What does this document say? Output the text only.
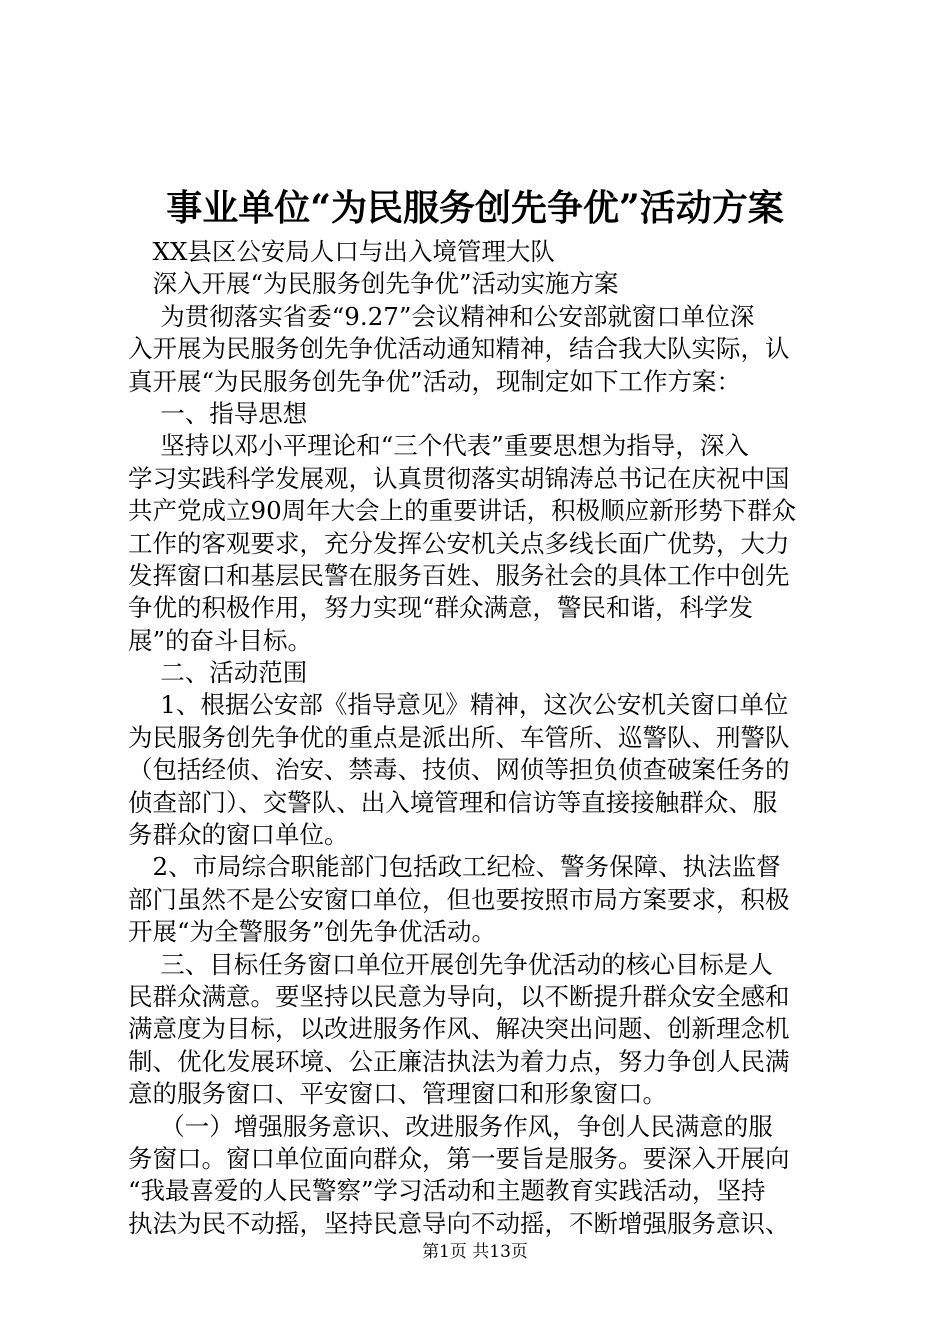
事业单位“为民服务创先争优”活动方案
　XX县区公安局人口与出入境管理大队
　深入开展“为民服务创先争优”活动实施方案
　 为贯彻落实省委“9.27”会议精神和公安部就窗口单位深
入开展为民服务创先争优活动通知精神，结合我大队实际，认
真开展“为民服务创先争优”活动，现制定如下工作方案：
　 一、指导思想
　 坚持以邓小平理论和“三个代表”重要思想为指导，深入
学习实践科学发展观，认真贯彻落实胡锦涛总书记在庆祝中国
共产党成立90周年大会上的重要讲话，积极顺应新形势下群众
工作的客观要求，充分发挥公安机关点多线长面广优势，大力
发挥窗口和基层民警在服务百姓、服务社会的具体工作中创先
争优的积极作用，努力实现“群众满意，警民和谐，科学发
展”的奋斗目标。
　 二、活动范围
　 1、根据公安部《指导意见》精神，这次公安机关窗口单位
为民服务创先争优的重点是派出所、车管所、巡警队、刑警队
（包括经侦、治安、禁毒、技侦、网侦等担负侦查破案任务的
侦查部门）、交警队、出入境管理和信访等直接接触群众、服
务群众的窗口单位。
　2、市局综合职能部门包括政工纪检、警务保障、执法监督
部门虽然不是公安窗口单位，但也要按照市局方案要求，积极
开展“为全警服务”创先争优活动。
　 三、目标任务窗口单位开展创先争优活动的核心目标是人
民群众满意。要坚持以民意为导向，以不断提升群众安全感和
满意度为目标，以改进服务作风、解决突出问题、创新理念机
制、优化发展环境、公正廉洁执法为着力点，努力争创人民满
意的服务窗口、平安窗口、管理窗口和形象窗口。
　 （一）增强服务意识、改进服务作风，争创人民满意的服
务窗口。窗口单位面向群众，第一要旨是服务。要深入开展向
“我最喜爱的人民警察”学习活动和主题教育实践活动，坚持
执法为民不动摇，坚持民意导向不动摇，不断增强服务意识、
第1页 共13页
